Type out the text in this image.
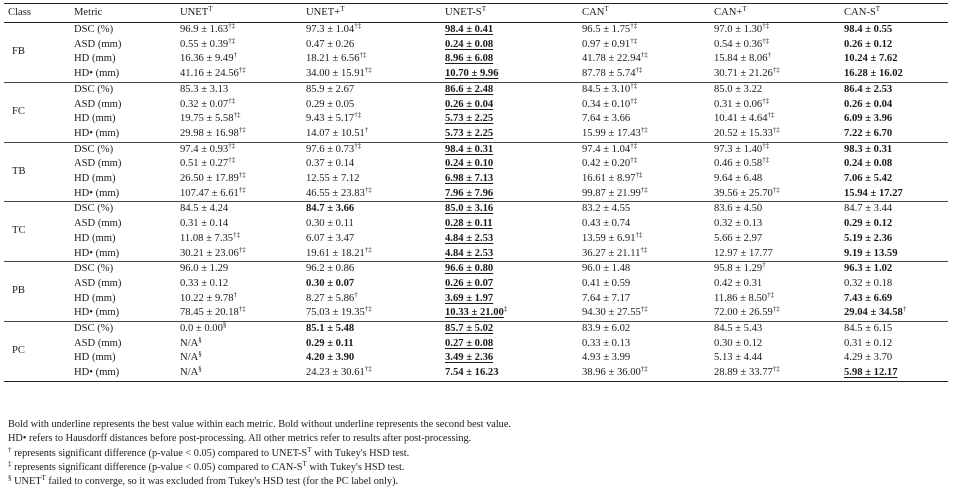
Class	Metric	$UNET^T$	UNET+$^T$	UNET-$S^T$	$CAN^T$	CAN+$^T$	CAN-$S^T$
FB	DSC (%)	96.9 ± 1.63†‡	97.3 ± 1.04†‡	98.4 ± 0.41	96.5 ± 1.75†‡	97.0 ± 1.30†‡	98.4 ± 0.55
	ASD (mm)	0.55 ± 0.39†‡	0.47 ± 0.26	0.24 ± 0.08	0.97 ± 0.91†‡	0.54 ± 0.36†‡	0.26 ± 0.12
	HD (mm)	16.36 ± 9.49†	18.21 ± 6.56†‡	8.96 ± 6.08	41.78 ± 22.94†‡	15.84 ± 8.06†	10.24 ± 7.62
	HD• (mm)	41.16 ± 24.56†‡	34.00 ± 15.91†‡	10.70 ± 9.96	87.78 ± 5.74†‡	30.71 ± 21.26†‡	16.28 ± 16.02
FC	DSC (%)	85.3 ± 3.13	85.9 ± 2.67	86.6 ± 2.48	84.5 ± 3.10†‡	85.0 ± 3.22	86.4 ± 2.53
	ASD (mm)	0.32 ± 0.07†‡	0.29 ± 0.05	0.26 ± 0.04	0.34 ± 0.10†‡	0.31 ± 0.06†‡	0.26 ± 0.04
	HD (mm)	19.75 ± 5.58†‡	9.43 ± 5.17†‡	5.73 ± 2.25	7.64 ± 3.66	10.41 ± 4.64†‡	6.09 ± 3.96
	HD• (mm)	29.98 ± 16.98†‡	14.07 ± 10.51†	5.73 ± 2.25	15.99 ± 17.43†‡	20.52 ± 15.33†‡	7.22 ± 6.70
TB	DSC (%)	97.4 ± 0.93†‡	97.6 ± 0.73†‡	98.4 ± 0.31	97.4 ± 1.04†‡	97.3 ± 1.40†‡	98.3 ± 0.31
	ASD (mm)	0.51 ± 0.27†‡	0.37 ± 0.14	0.24 ± 0.10	0.42 ± 0.20†‡	0.46 ± 0.58†‡	0.24 ± 0.08
	HD (mm)	26.50 ± 17.89†‡	12.55 ± 7.12	6.98 ± 7.13	16.61 ± 8.97†‡	9.64 ± 6.48	7.06 ± 5.42
	HD• (mm)	107.47 ± 6.61†‡	46.55 ± 23.83†‡	7.96 ± 7.96	99.87 ± 21.99†‡	39.56 ± 25.70†‡	15.94 ± 17.27
TC	DSC (%)	84.5 ± 4.24	84.7 ± 3.66	85.0 ± 3.16	83.2 ± 4.55	83.6 ± 4.50	84.7 ± 3.44
	ASD (mm)	0.31 ± 0.14	0.30 ± 0.11	0.28 ± 0.11	0.43 ± 0.74	0.32 ± 0.13	0.29 ± 0.12
	HD (mm)	11.08 ± 7.35†‡	6.07 ± 3.47	4.84 ± 2.53	13.59 ± 6.91†‡	5.66 ± 2.97	5.19 ± 2.36
	HD• (mm)	30.21 ± 23.06†‡	19.61 ± 18.21†‡	4.84 ± 2.53	36.27 ± 21.11†‡	12.97 ± 17.77	9.19 ± 13.59
PB	DSC (%)	96.0 ± 1.29	96.2 ± 0.86	96.6 ± 0.80	96.0 ± 1.48	95.8 ± 1.29†	96.3 ± 1.02
	ASD (mm)	0.33 ± 0.12	0.30 ± 0.07	0.26 ± 0.07	0.41 ± 0.59	0.42 ± 0.31	0.32 ± 0.18
	HD (mm)	10.22 ± 9.78†	8.27 ± 5.86†	3.69 ± 1.97	7.64 ± 7.17	11.86 ± 8.50†‡	7.43 ± 6.69
	HD• (mm)	78.45 ± 20.18†‡	75.03 ± 19.35†‡	10.33 ± 21.00‡	94.30 ± 27.55†‡	72.00 ± 26.59†‡	29.04 ± 34.58†
PC	DSC (%)	0.0 ± 0.00§	85.1 ± 5.48	85.7 ± 5.02	83.9 ± 6.02	84.5 ± 5.43	84.5 ± 6.15
	ASD (mm)	N/A§	0.29 ± 0.11	0.27 ± 0.08	0.33 ± 0.13	0.30 ± 0.12	0.31 ± 0.12
	HD (mm)	N/A§	4.20 ± 3.90	3.49 ± 2.36	4.93 ± 3.99	5.13 ± 4.44	4.29 ± 3.70
	HD• (mm)	N/A§	24.23 ± 30.61†‡	7.54 ± 16.23	38.96 ± 36.00†‡	28.89 ± 33.77†‡	5.98 ± 12.17
Bold with underline represents the best value within each metric. Bold without underline represents the second best value.
HD• refers to Hausdorff distances before post-processing. All other metrics refer to results after post-processing.
† represents significant difference (p-value < 0.05) compared to UNET-$S^T$ with Tukey's HSD test.
‡ represents significant difference (p-value < 0.05) compared to CAN-$S^T$ with Tukey's HSD test.
§ $UNET^T$ failed to converge, so it was excluded from Tukey's HSD test (for the PC label only).
